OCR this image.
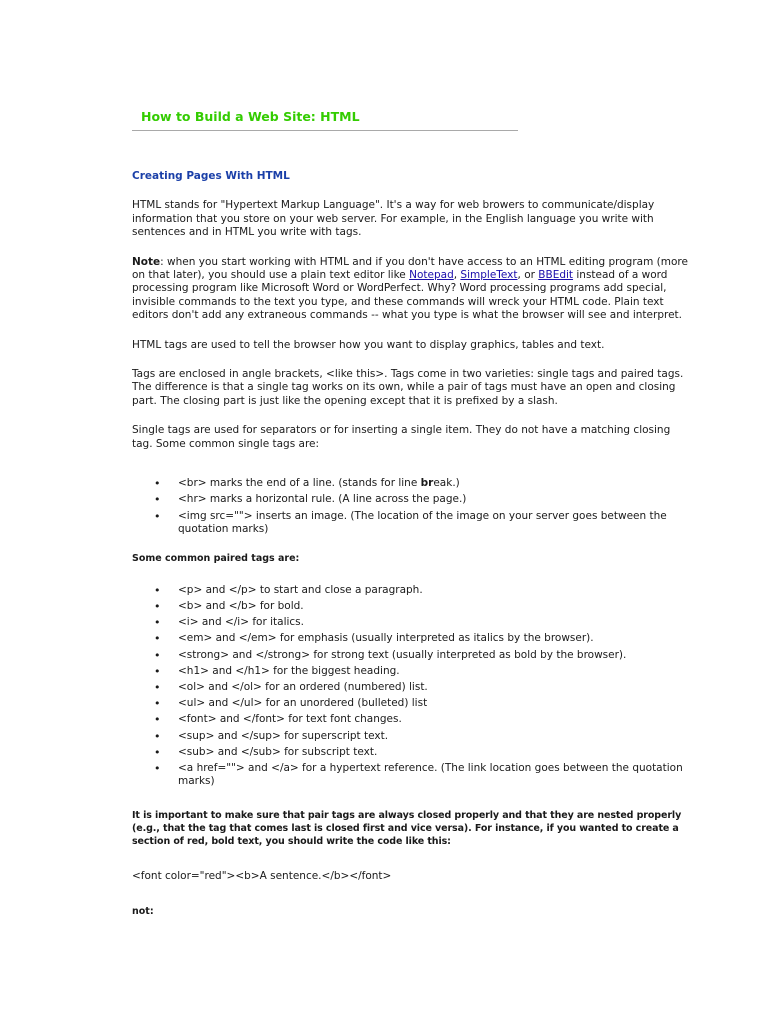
How to Build a Web Site: HTML
Creating Pages With HTML

HTML stands for "Hypertext Markup Language". It's a way for web browers to communicate/display information that you store on your web server. For example, in the English language you write with sentences and in HTML you write with tags.

Note: when you start working with HTML and if you don't have access to an HTML editing program (more on that later), you should use a plain text editor like Notepad, SimpleText, or BBEdit instead of a word processing program like Microsoft Word or WordPerfect. Why? Word processing programs add special, invisible commands to the text you type, and these commands will wreck your HTML code. Plain text editors don't add any extraneous commands -- what you type is what the browser will see and interpret.

HTML tags are used to tell the browser how you want to display graphics, tables and text.

Tags are enclosed in angle brackets, <like this>. Tags come in two varieties: single tags and paired tags. The difference is that a single tag works on its own, while a pair of tags must have an open and closing part. The closing part is just like the opening except that it is prefixed by a slash.

Single tags are used for separators or for inserting a single item. They do not have a matching closing tag. Some common single tags are:

• <br> marks the end of a line. (stands for line break.)
• <hr> marks a horizontal rule. (A line across the page.)
• <img src=""> inserts an image. (The location of the image on your server goes between the quotation marks)
Some common paired tags are:
• <p> and </p> to start and close a paragraph.
• <b> and </b> for bold.
• <i> and </i> for italics.
• <em> and </em> for emphasis (usually interpreted as italics by the browser).
• <strong> and </strong> for strong text (usually interpreted as bold by the browser).
• <h1> and </h1> for the biggest heading.
• <ol> and </ol> for an ordered (numbered) list.
• <ul> and </ul> for an unordered (bulleted) list
• <font> and </font> for text font changes.
• <sup> and </sup> for superscript text.
• <sub> and </sub> for subscript text.
• <a href=""> and </a> for a hypertext reference. (The link location goes between the quotation marks)

It is important to make sure that pair tags are always closed properly and that they are nested properly (e.g., that the tag that comes last is closed first and vice versa). For instance, if you wanted to create a section of red, bold text, you should write the code like this:

<font color="red"><b>A sentence.</b></font>

not:
